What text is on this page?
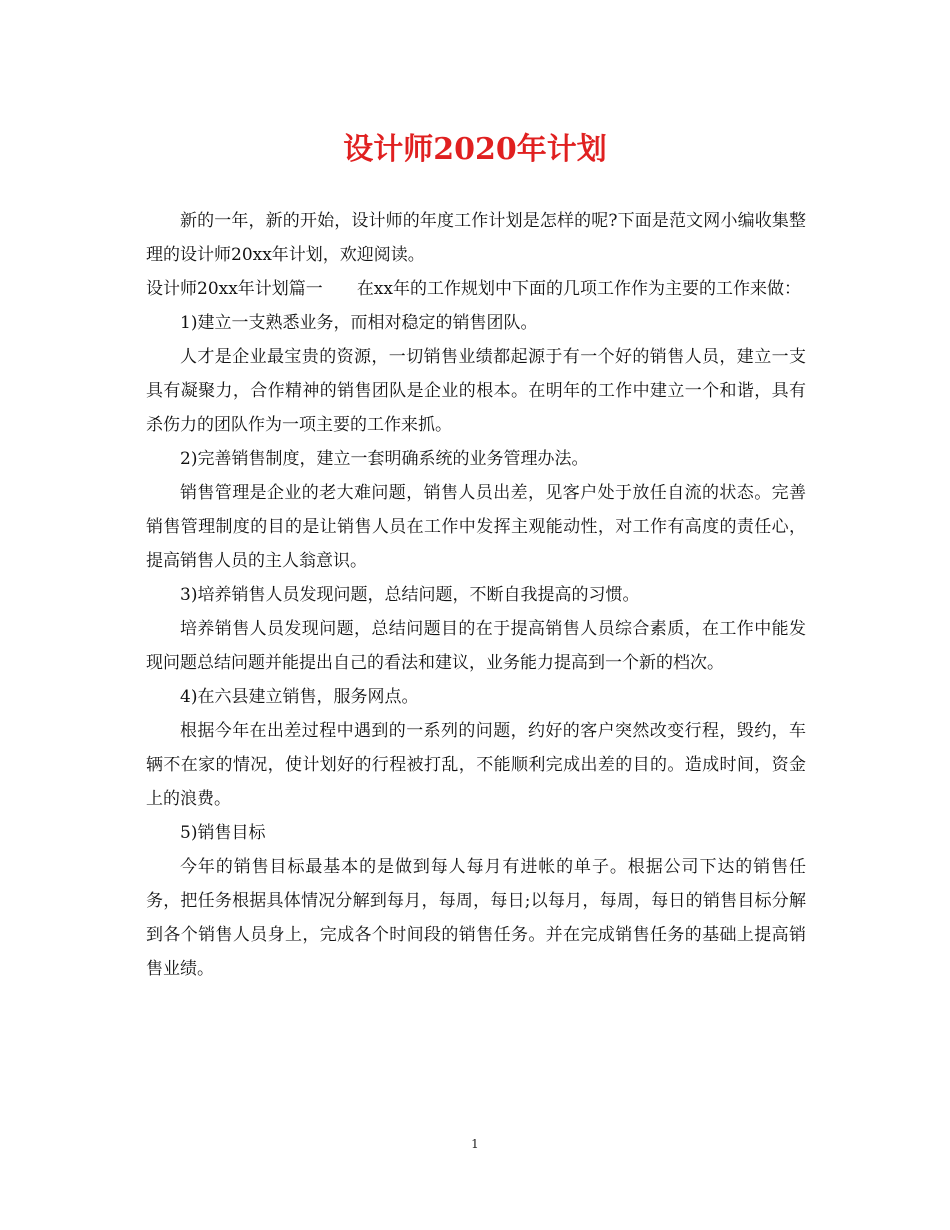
设计师2020年计划

新的一年，新的开始，设计师的年度工作计划是怎样的呢?下面是范文网小编收集整理的设计师20xx年计划，欢迎阅读。

设计师20xx年计划篇一 在xx年的工作规划中下面的几项工作作为主要的工作来做：

1)建立一支熟悉业务，而相对稳定的销售团队。

人才是企业最宝贵的资源，一切销售业绩都起源于有一个好的销售人员，建立一支具有凝聚力，合作精神的销售团队是企业的根本。在明年的工作中建立一个和谐，具有杀伤力的团队作为一项主要的工作来抓。

2)完善销售制度，建立一套明确系统的业务管理办法。

销售管理是企业的老大难问题，销售人员出差，见客户处于放任自流的状态。完善销售管理制度的目的是让销售人员在工作中发挥主观能动性，对工作有高度的责任心，提高销售人员的主人翁意识。

3)培养销售人员发现问题，总结问题，不断自我提高的习惯。

培养销售人员发现问题，总结问题目的在于提高销售人员综合素质，在工作中能发现问题总结问题并能提出自己的看法和建议，业务能力提高到一个新的档次。

4)在六县建立销售，服务网点。

根据今年在出差过程中遇到的一系列的问题，约好的客户突然改变行程，毁约，车辆不在家的情况，使计划好的行程被打乱，不能顺利完成出差的目的。造成时间，资金上的浪费。

5)销售目标

今年的销售目标最基本的是做到每人每月有进帐的单子。根据公司下达的销售任务，把任务根据具体情况分解到每月，每周，每日;以每月，每周，每日的销售目标分解到各个销售人员身上，完成各个时间段的销售任务。并在完成销售任务的基础上提高销售业绩。

1
